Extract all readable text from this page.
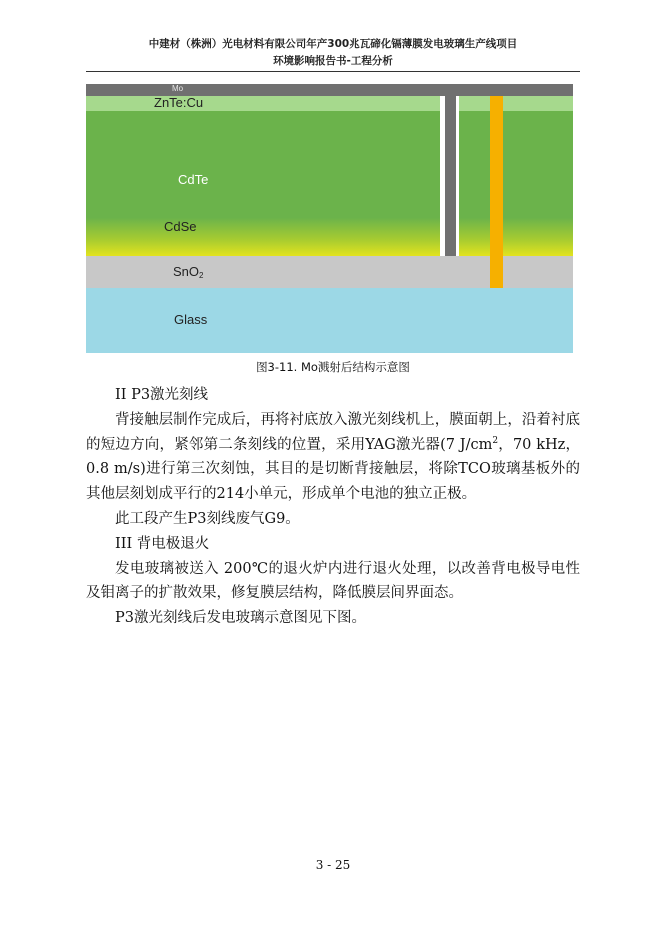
中建材（株洲）光电材料有限公司年产300兆瓦碲化镉薄膜发电玻璃生产线项目
环境影响报告书-工程分析
Mo
ZnTe:Cu
CdTe
CdSe
SnO$_2$
Glass
图3-11. Mo溅射后结构示意图

II P3激光刻线

背接触层制作完成后，再将衬底放入激光刻线机上，膜面朝上，沿着衬底的短边方向，紧邻第二条刻线的位置，采用YAG激光器(7 $J/cm^2$，70 kHz，0.8 m/s)进行第三次刻蚀，其目的是切断背接触层，将除TCO玻璃基板外的其他层刻划成平行的214小单元，形成单个电池的独立正极。

此工段产生P3刻线废气G9。

III 背电极退火

发电玻璃被送入 200℃的退火炉内进行退火处理，以改善背电极导电性及钼离子的扩散效果，修复膜层结构，降低膜层间界面态。

P3激光刻线后发电玻璃示意图见下图。

3 - 25
